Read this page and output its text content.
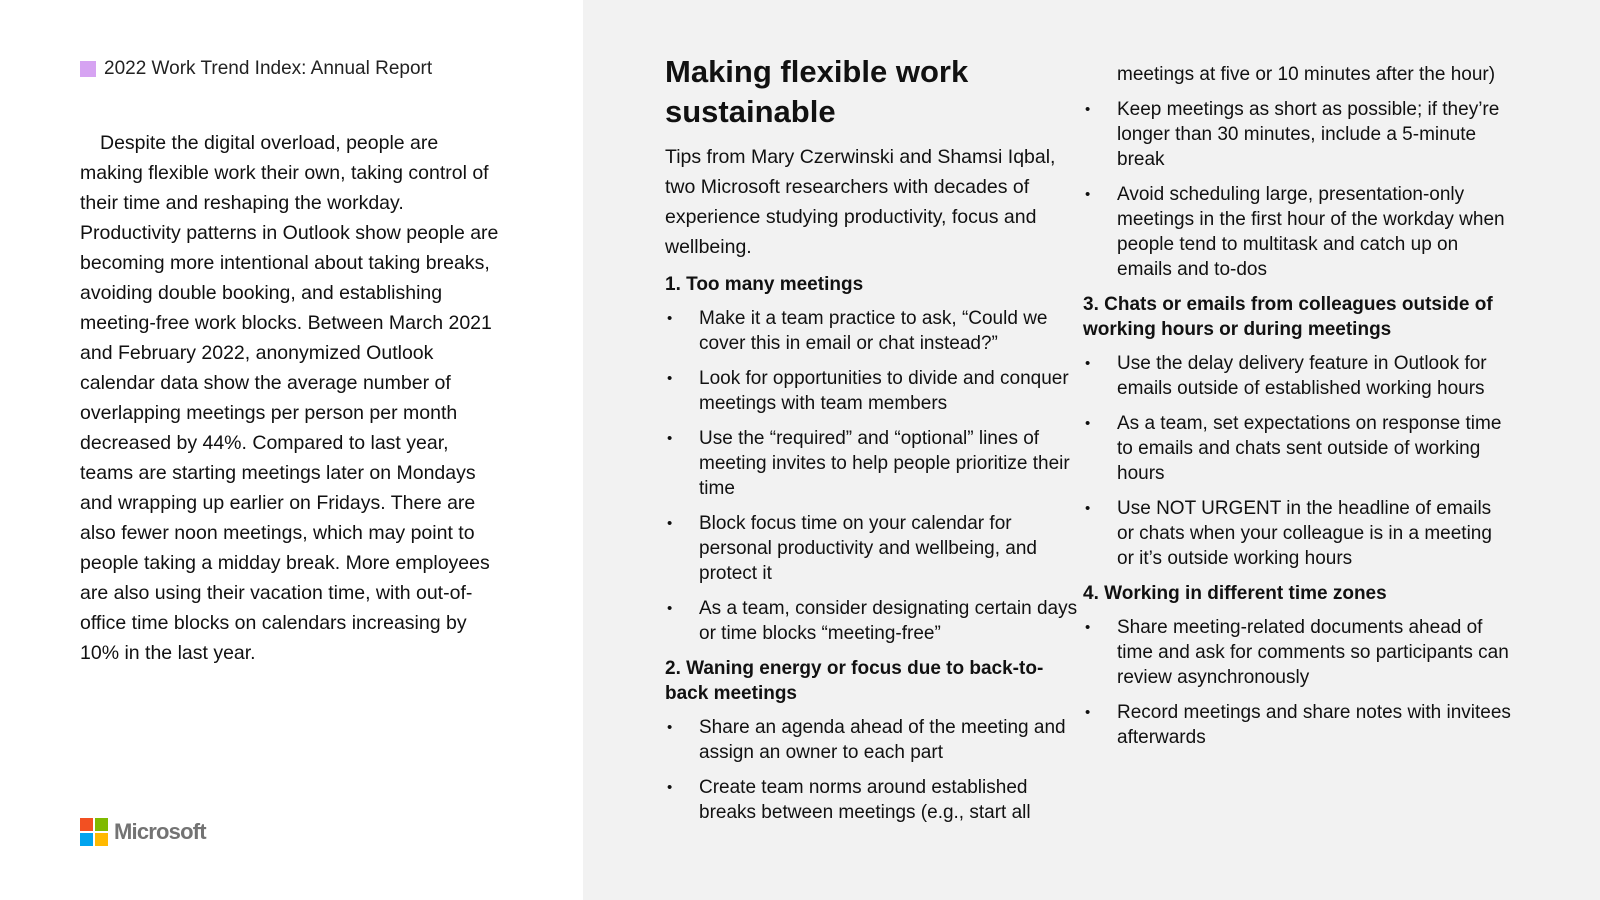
2022 Work Trend Index: Annual Report

Despite the digital overload, people are making flexible work their own, taking control of their time and reshaping the workday. Productivity patterns in Outlook show people are becoming more intentional about taking breaks, avoiding double booking, and establishing meeting-free work blocks. Between March 2021 and February 2022, anonymized Outlook calendar data show the average number of overlapping meetings per person per month decreased by 44%. Compared to last year, teams are starting meetings later on Mondays and wrapping up earlier on Fridays. There are also fewer noon meetings, which may point to people taking a midday break. More employees are also using their vacation time, with out-of-office time blocks on calendars increasing by 10% in the last year.

Microsoft
Making flexible work sustainable

Tips from Mary Czerwinski and Shamsi Iqbal, two Microsoft researchers with decades of experience studying productivity, focus and wellbeing.

1. Too many meetings
• Make it a team practice to ask, “Could we cover this in email or chat instead?”
• Look for opportunities to divide and conquer meetings with team members
• Use the “required” and “optional” lines of meeting invites to help people prioritize their time
• Block focus time on your calendar for personal productivity and wellbeing, and protect it
• As a team, consider designating certain days or time blocks “meeting-free”
2. Waning energy or focus due to back-to-back meetings
• Share an agenda ahead of the meeting and assign an owner to each part
• Create team norms around established breaks between meetings (e.g., start all
meetings at five or 10 minutes after the hour)
• Keep meetings as short as possible; if they’re longer than 30 minutes, include a 5-minute break
• Avoid scheduling large, presentation-only meetings in the first hour of the workday when people tend to multitask and catch up on emails and to-dos
3. Chats or emails from colleagues outside of working hours or during meetings
• Use the delay delivery feature in Outlook for emails outside of established working hours
• As a team, set expectations on response time to emails and chats sent outside of working hours
• Use NOT URGENT in the headline of emails or chats when your colleague is in a meeting or it’s outside working hours
4. Working in different time zones
• Share meeting-related documents ahead of time and ask for comments so participants can review asynchronously
• Record meetings and share notes with invitees afterwards
